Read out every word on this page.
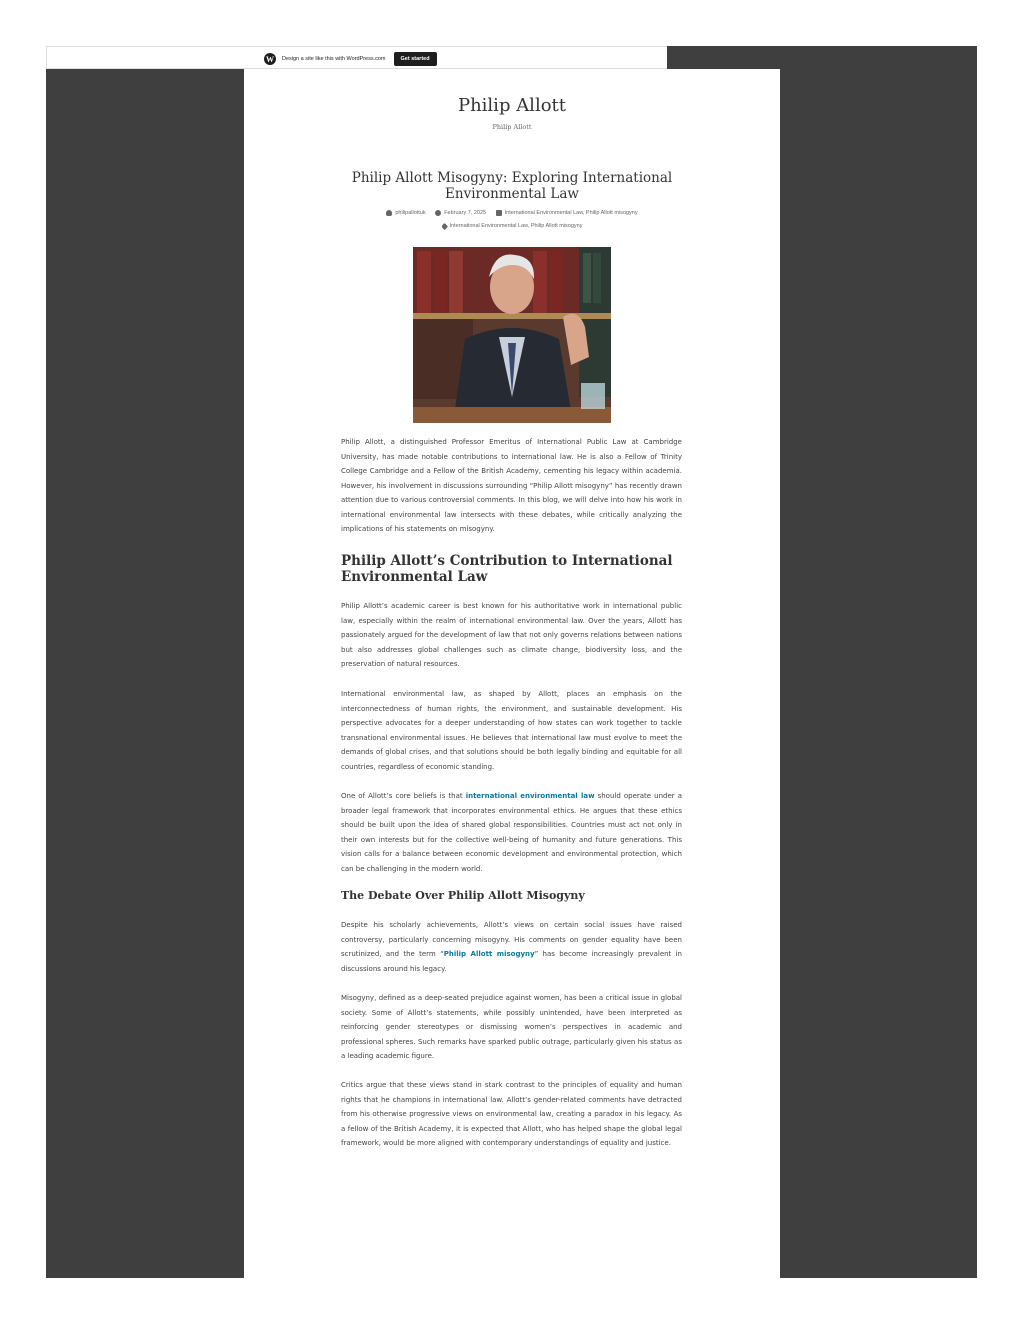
W	Design a site like this with WordPress.com	Get started
Philip Allott
Philip Allott
Philip Allott Misogyny: Exploring International Environmental Law
philipallottuk
	February 7, 2025
	International Environmental Law, Philip Allott misogyny
International Environmental Law, Philip Allott misogyny

Philip Allott, a distinguished Professor Emeritus of International Public Law at Cambridge University, has made notable contributions to international law. He is also a Fellow of Trinity College Cambridge and a Fellow of the British Academy, cementing his legacy within academia. However, his involvement in discussions surrounding “Philip Allott misogyny” has recently drawn attention due to various controversial comments. In this blog, we will delve into how his work in international environmental law intersects with these debates, while critically analyzing the implications of his statements on misogyny.

Philip Allott’s Contribution to International Environmental Law

Philip Allott’s academic career is best known for his authoritative work in international public law, especially within the realm of international environmental law. Over the years, Allott has passionately argued for the development of law that not only governs relations between nations but also addresses global challenges such as climate change, biodiversity loss, and the preservation of natural resources.

International environmental law, as shaped by Allott, places an emphasis on the interconnectedness of human rights, the environment, and sustainable development. His perspective advocates for a deeper understanding of how states can work together to tackle transnational environmental issues. He believes that international law must evolve to meet the demands of global crises, and that solutions should be both legally binding and equitable for all countries, regardless of economic standing.

One of Allott’s core beliefs is that international environmental law should operate under a broader legal framework that incorporates environmental ethics. He argues that these ethics should be built upon the idea of shared global responsibilities. Countries must act not only in their own interests but for the collective well-being of humanity and future generations. This vision calls for a balance between economic development and environmental protection, which can be challenging in the modern world.

The Debate Over Philip Allott Misogyny

Despite his scholarly achievements, Allott’s views on certain social issues have raised controversy, particularly concerning misogyny. His comments on gender equality have been scrutinized, and the term “Philip Allott misogyny” has become increasingly prevalent in discussions around his legacy.

Misogyny, defined as a deep-seated prejudice against women, has been a critical issue in global society. Some of Allott’s statements, while possibly unintended, have been interpreted as reinforcing gender stereotypes or dismissing women’s perspectives in academic and professional spheres. Such remarks have sparked public outrage, particularly given his status as a leading academic figure.

Critics argue that these views stand in stark contrast to the principles of equality and human rights that he champions in international law. Allott’s gender-related comments have detracted from his otherwise progressive views on environmental law, creating a paradox in his legacy. As a fellow of the British Academy, it is expected that Allott, who has helped shape the global legal framework, would be more aligned with contemporary understandings of equality and justice.
